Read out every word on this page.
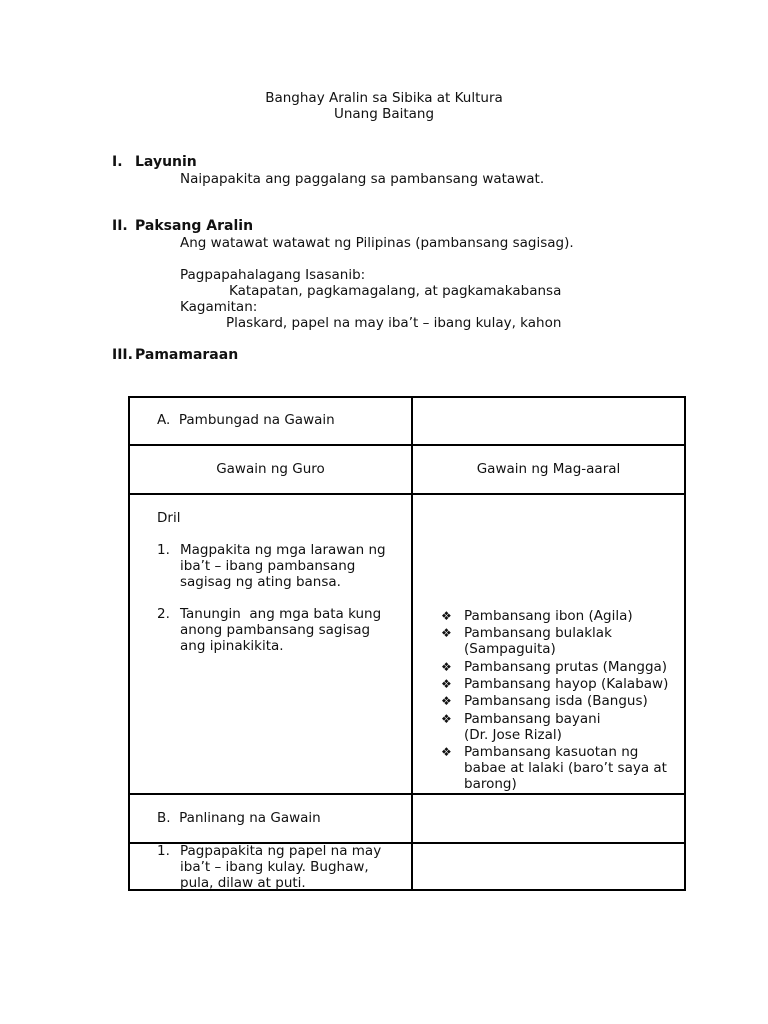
Banghay Aralin sa Sibika at Kultura
Unang Baitang
I. Layunin
Naipapakita ang paggalang sa pambansang watawat.
II. Paksang Aralin
Ang watawat watawat ng Pilipinas (pambansang sagisag).
Pagpapahalagang Isasanib:
Katapatan, pagkamagalang, at pagkamakabansa
Kagamitan:
Plaskard, papel na may iba’t – ibang kulay, kahon
III. Pamamaraan
A.  Pambungad na Gawain
Gawain ng Guro	Gawain ng Mag-aaral
Dril
1. Magpakita ng mga larawan ng
iba’t – ibang pambansang
sagisag ng ating bansa.
2. Tanungin  ang mga bata kung
anong pambansang sagisag
ang ipinakikita.
❖ Pambansang ibon (Agila)
❖ Pambansang bulaklak
(Sampaguita)
❖ Pambansang prutas (Mangga)
❖ Pambansang hayop (Kalabaw)
❖ Pambansang isda (Bangus)
❖ Pambansang bayani
(Dr. Jose Rizal)
❖ Pambansang kasuotan ng
babae at lalaki (baro’t saya at
barong)
B.  Panlinang na Gawain
1. Pagpapakita ng papel na may
iba’t – ibang kulay. Bughaw,
pula, dilaw at puti.
